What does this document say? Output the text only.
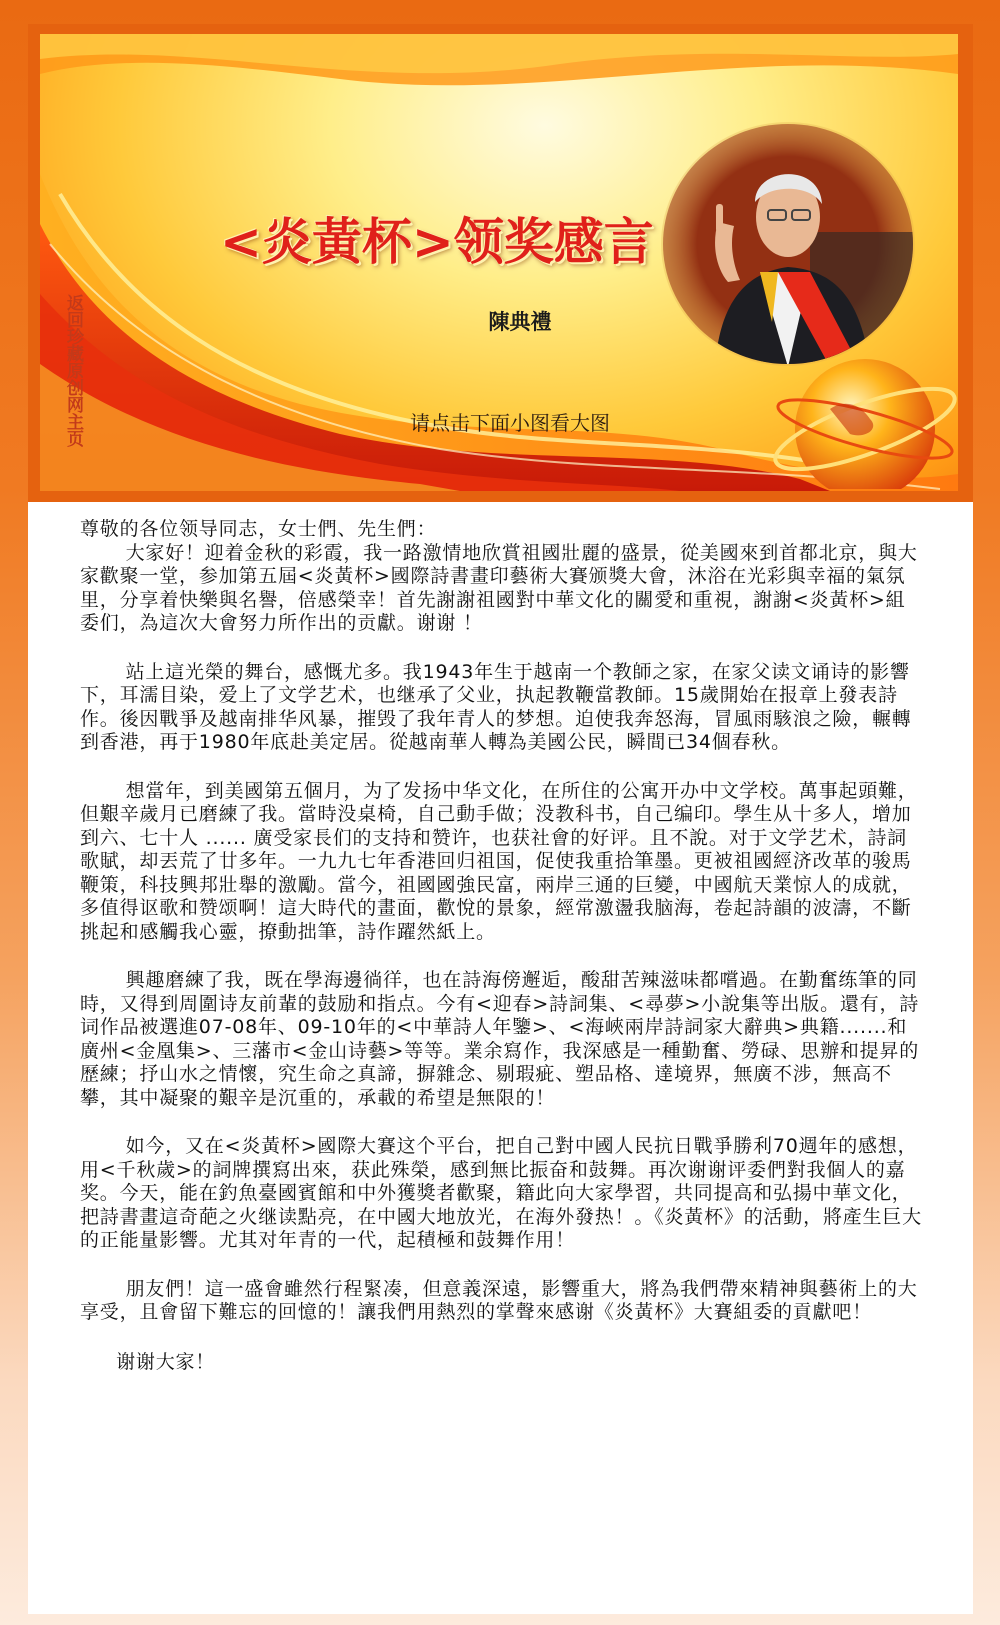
返回珍藏原创网主页
<炎黃杯>领奖感言
陳典禮
请点击下面小图看大图

尊敬的各位领导同志，女士們、先生們：

大家好！迎着金秋的彩霞，我一路激情地欣賞祖國壯麗的盛景，從美國來到首都北京，與大家歡聚一堂，参加第五屆<炎黃杯>國際詩書畫印藝術大賽颁獎大會，沐浴在光彩與幸福的氣氛里，分享着快樂與名譽，倍感榮幸！首先謝謝祖國對中華文化的關愛和重視，謝謝<炎黃杯>組委们，為這次大會努力所作出的贡獻。谢谢 ！

站上這光榮的舞台，感慨尤多。我1943年生于越南一个教師之家，在家父读文诵诗的影響下，耳濡目染，爱上了文学艺术，也继承了父业，执起教鞭當教師。15歲開始在报章上發表詩作。後因戰爭及越南排华风暴，摧毁了我年青人的梦想。迫使我奔怒海，冒風雨駭浪之險，輾轉到香港，再于1980年底赴美定居。從越南華人轉為美國公民，瞬間已34個春秋。

想當年，到美國第五個月，为了发扬中华文化，在所住的公寓开办中文学校。萬事起頭難，但艱辛歲月已磨練了我。當時没桌椅，自己動手做；没教科书，自己编印。學生从十多人，增加到六、七十人 ...... 廣受家長们的支持和赞许，也获社會的好评。且不說。对于文学艺术，詩詞歌賦，却丟荒了廿多年。一九九七年香港回归祖国，促使我重拾筆墨。更被祖國經济改革的骏馬鞭策，科技興邦壯舉的激勵。當今，祖國國強民富，兩岸三通的巨變，中國航天業惊人的成就，多值得讴歌和赞颂啊！這大時代的畫面，歡悅的景象，經常激盪我脑海，卷起詩韻的波濤，不斷挑起和感觸我心靈，撩動拙筆，詩作躍然紙上。

興趣磨練了我，既在學海邊徜徉，也在詩海傍邂逅，酸甜苦辣滋味都嚐過。在勤奮练筆的同時，又得到周圍诗友前輩的鼓励和指点。今有<迎春>詩詞集、<尋夢>小說集等出版。還有，詩词作品被選進07-08年、09-10年的<中華詩人年鑒>、<海峽兩岸詩詞家大辭典>典籍.......和廣州<金凰集>、三藩市<金山诗藝>等等。業余寫作，我深感是一種勤奮、勞碌、思辦和提昇的歷練；抒山水之情懷，究生命之真諦，摒雜念、剔瑕疵、塑品格、達境界，無廣不涉，無高不攀，其中凝聚的艱辛是沉重的，承載的希望是無限的！

如今，又在<炎黃杯>國際大賽这个平台，把自己對中國人民抗日戰爭勝利70週年的感想，用<千秋歲>的詞牌撰寫出來，获此殊榮，感到無比振奋和鼓舞。再次谢谢评委們對我個人的嘉奖。今天，能在釣魚臺國賓館和中外獲獎者歡聚，籍此向大家學習，共同提高和弘揚中華文化，把詩書畫這奇葩之火继读點亮，在中國大地放光，在海外發热！。《炎黃杯》的活動，將產生巨大的正能量影響。尤其对年青的一代，起積極和鼓舞作用！

朋友們！這一盛會雖然行程緊凑，但意義深遠，影響重大，將為我們帶來精神與藝術上的大享受，且會留下難忘的回憶的！讓我們用熱烈的掌聲來感谢《炎黃杯》大賽組委的貢獻吧！

谢谢大家！
